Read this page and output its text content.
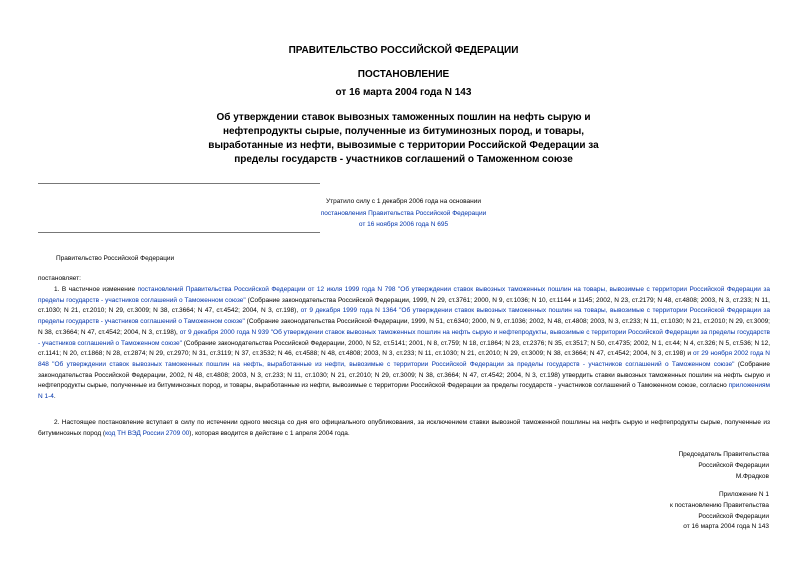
ПРАВИТЕЛЬСТВО РОССИЙСКОЙ ФЕДЕРАЦИИ
ПОСТАНОВЛЕНИЕ
от 16 марта 2004 года N 143
Об утверждении ставок вывозных таможенных пошлин на нефть сырую и нефтепродукты сырые, полученные из битуминозных пород, и товары, выработанные из нефти, вывозимые с территории Российской Федерации за пределы государств - участников соглашений о Таможенном союзе
Утратило силу с 1 декабря 2006 года на основании
постановления Правительства Российской Федерации
от 16 ноября 2006 года N 695
Правительство Российской Федерации
постановляет:
1. В частичное изменение постановлений Правительства Российской Федерации от 12 июля 1999 года N 798 "Об утверждении ставок вывозных таможенных пошлин на товары, вывозимые с территории Российской Федерации за пределы государств - участников соглашений о Таможенном союзе" (Собрание законодательства Российской Федерации, 1999, N 29, ст.3761; 2000, N 9, ст.1036; N 10, ст.1144 и 1145; 2002, N 23, ст.2179; N 48, ст.4808; 2003, N 3, ст.233; N 11, ст.1030; N 21, ст.2010; N 29, ст.3009; N 38, ст.3664; N 47, ст.4542; 2004, N 3, ст.198), от 9 декабря 1999 года N 1364 "Об утверждении ставок вывозных таможенных пошлин на товары, вывозимые с территории Российской Федерации за пределы государств - участников соглашений о Таможенном союзе" (Собрание законодательства Российской Федерации, 1999, N 51, ст.6340; 2000, N 9, ст.1036; 2002, N 48, ст.4808; 2003, N 3, ст.233; N 11, ст.1030; N 21, ст.2010; N 29, ст.3009; N 38, ст.3664; N 47, ст.4542; 2004, N 3, ст.198), от 9 декабря 2000 года N 939 "Об утверждении ставок вывозных таможенных пошлин на нефть сырую и нефтепродукты, вывозимые с территории Российской Федерации за пределы государств - участников соглашений о Таможенном союзе" (Собрание законодательства Российской Федерации, 2000, N 52, ст.5141; 2001, N 8, ст.759; N 18, ст.1864; N 23, ст.2376; N 35, ст.3517; N 50, ст.4735; 2002, N 1, ст.44; N 4, ст.326; N 5, ст.536; N 12, ст.1141; N 20, ст.1868; N 28, ст.2874; N 29, ст.2970; N 31, ст.3119; N 37, ст.3532; N 46, ст.4588; N 48, ст.4808; 2003, N 3, ст.233; N 11, ст.1030; N 21, ст.2010; N 29, ст.3009; N 38, ст.3664; N 47, ст.4542; 2004, N 3, ст.198) и от 29 ноября 2002 года N 848 "Об утверждении ставок вывозных таможенных пошлин на нефть, выработанные из нефти, вывозимые с территории Российской Федерации за пределы государств - участников соглашений о Таможенном союзе" (Собрание законодательства Российской Федерации, 2002, N 48, ст.4808; 2003, N 3, ст.233; N 11, ст.1030; N 21, ст.2010; N 29, ст.3009; N 38, ст.3664; N 47, ст.4542; 2004, N 3, ст.198) утвердить ставки вывозных таможенных пошлин на нефть сырую и нефтепродукты сырые, полученные из битуминозных пород, и товары, выработанные из нефти, вывозимые с территории Российской Федерации за пределы государств - участников соглашений о Таможенном союзе, согласно приложениям N 1-4.
2. Настоящее постановление вступает в силу по истечении одного месяца со дня его официального опубликования, за исключением ставки вывозной таможенной пошлины на нефть сырую и нефтепродукты сырые, полученные из битуминозных пород (код ТН ВЭД России 2709 00), которая вводится в действие с 1 апреля 2004 года.
Председатель Правительства
Российской Федерации
М.Фрадков
Приложение N 1
к постановлению Правительства
Российской Федерации
от 16 марта 2004 года N 143
